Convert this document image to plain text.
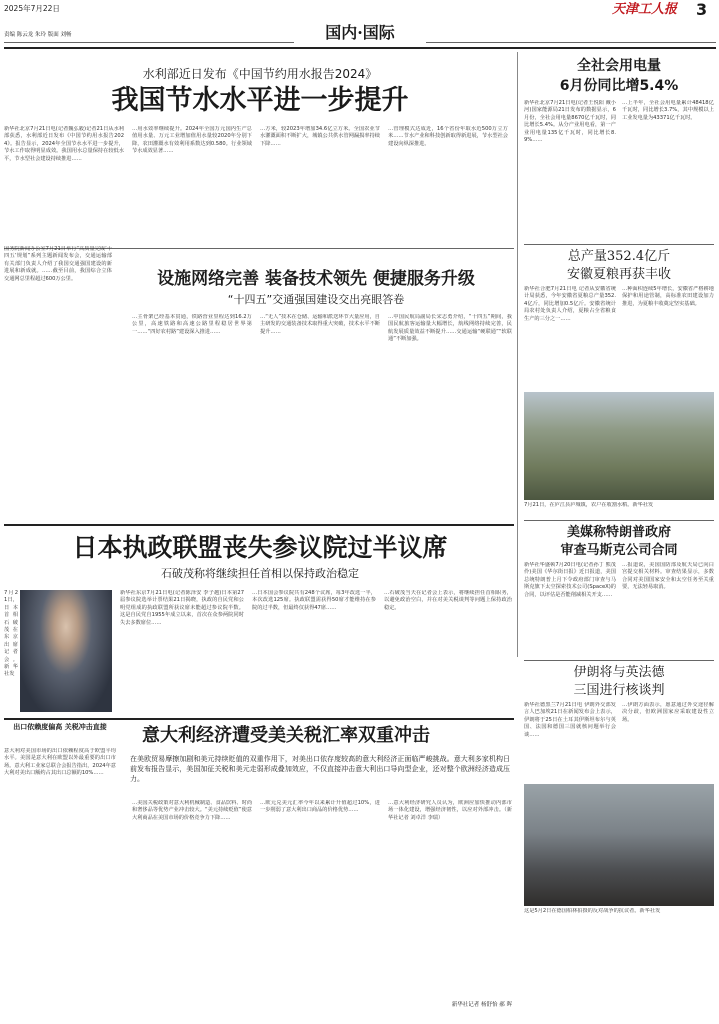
2025年7月22日
责编 陈云龙 朱玲 版面 刘畅
天津工人报	3
国内·国际
水利部近日发布《中国节约用水报告2024》
我国节水水平进一步提升
新华社北京7月21日电(记者魏弘毅)记者21日从水利部获悉，水利部近日发布《中国节约用水报告2024》。报告显示，2024年全国节水水平进一步提升，节水工作取得明显成效。我国用水总量保持在较低水平，节水型社会建设持续推进……
…用水效率继续提升。2024年全国万元国内生产总值用水量、万元工业增加值用水量较2020年分别下降，农田灌溉水有效利用系数达到0.580。行业领域节水成效显著……
…方米，较2023年增加34.6亿立方米。全国农业节水灌溉面积不断扩大，城镇公共供水管网漏损率持续下降……
…管理模式达成近，16个省份年取水近500万立方米……节水产业和科技创新取得新进展，节水型社会建设向纵深推进。
全社会用电量
6月份同比增5.4%
新华社北京7月21日电(记者王悦阳 戴小河)国家能源局21日发布的数据显示，6月份，全社会用电量8670亿千瓦时，同比增长5.4%。从分产业用电看，第一产业用电量135亿千瓦时，同比增长8.9%……
…上半年，全社会用电量累计48418亿千瓦时，同比增长3.7%，其中规模以上工业发电量为43371亿千瓦时。
总产量352.4亿斤
安徽夏粮再获丰收
新华社合肥7月21日电 记者从安徽省统计局获悉，今年安徽省夏粮总产量352.4亿斤，同比增加0.5亿斤。安徽省统计局农村处负责人介绍，夏粮占全省粮食生产的三分之一……
…种面积连续5年增长，安徽省严格耕地保护和用途管制，高标准农田建设加力推进，为夏粮丰收奠定坚实基础。
7月21日，在庐江县庐城镇，农户在收割水稻。新华社发
设施网络完善 装备技术领先 便捷服务升级
“十四五”交通强国建设交出亮眼答卷
国务院新闻办公室7月21日举行“高质量完成‘十四五’规划”系列主题新闻发布会，交通运输部有关部门负责人介绍了我国交通强国建设的新进展和新成就。……截至目前，我国综合立体交通网总里程超过600万公里。
…主骨架已经基本贯通，铁路营业里程达到16.2万公里，高速铁路和高速公路里程稳居世界第一……“四好农村路”建设深入推进……
…“无人”技术在仓储、运输和派送环节大量应用，自主研发的交通装备技术取得重大突破，技术水平不断提升……
…中国民航局副局长宋志勇介绍，“十四五”期间，我国民航旅客运输量大幅增长，航线网络持续完善，民航发展质量效益不断提升……交通运输“硬联通”“软联通”不断加强。
日本执政联盟丧失参议院过半议席
石破茂称将继续担任首相以保持政治稳定
7月21日，日本首相石破茂在东京出席记者会。新华社发
新华社东京7月21日电(记者陈泽安 李子越)日本第27届参议院选举计票结果21日揭晓，执政的自民党和公明党组成的执政联盟所获议席未能超过参议院半数。这是自民党自1955年成立以来，首次在众参两院同时失去多数席位……
…日本国会参议院共有248个议席，每3年改选一半，本次改选125席。执政联盟需获得50席才能维持在参院的过半数，但最终仅获得47席……
…石破茂当天在记者会上表示，将继续担任首相职务，以避免政治空白，并在对美关税谈判等问题上保持政治稳定。
美媒称特朗普政府
审查马斯克公司合同
新华社华盛顿7月20日电(记者孙丁 熊茂伶)美国《华尔街日报》近日报道，美国总统特朗普上月下令政府部门审查与马斯克旗下太空探索技术公司(SpaceX)的合同，以评估是否能削减相关开支……
…报道说，美国国防部及航天局已向白宫提交相关材料。审查结果显示，多数合同对美国国家安全和太空任务至关重要，无法轻易取消。
伊朗将与英法德
三国进行核谈判
新华社德黑兰7月21日电 伊朗外交部发言人巴加埃21日在新闻发布会上表示，伊朗将于25日在土耳其伊斯坦布尔与英国、法国和德国三国就核问题举行会谈……
…伊朗方面表示，愿意通过外交途径解决分歧，但欧洲国家应采取建设性立场。
这是5月2日在德国柏林拍摄的反对战争的抗议者。新华社发
意大利经济遭受美关税汇率双重冲击
在美欧贸易摩擦加剧和美元持续贬值的双重作用下，对美出口依存度较高的意大利经济正面临严峻挑战。意大利多家机构日前发布报告显示，美国加征关税和美元走弱形成叠加效应，不仅直接冲击意大利出口导向型企业，还对整个欧洲经济造成压力。
出口依赖度偏高 关税冲击直接
意大利对美国市场的出口依赖程度高于欧盟平均水平。美国是意大利在欧盟以外最重要的出口市场。意大利工业家总联合会报告指出，2024年意大利对美出口额约占其出口总额的10%……
…美国关税政策对意大利机械制造、食品饮料、时尚和奢侈品等优势产业冲击较大。“美元持续贬值”使意大利商品在美国市场的价格竞争力下降……
…欧元兑美元汇率今年以来累计升值超过10%，进一步削弱了意大利出口商品的价格优势……
…意大利经济研究人员认为，欧洲应加快推动内部市场一体化建设，增强经济韧性，以应对外部冲击。（新华社记者 刘卓洋 李瑞）
新华社记者 杨舒怡 郝 晖
